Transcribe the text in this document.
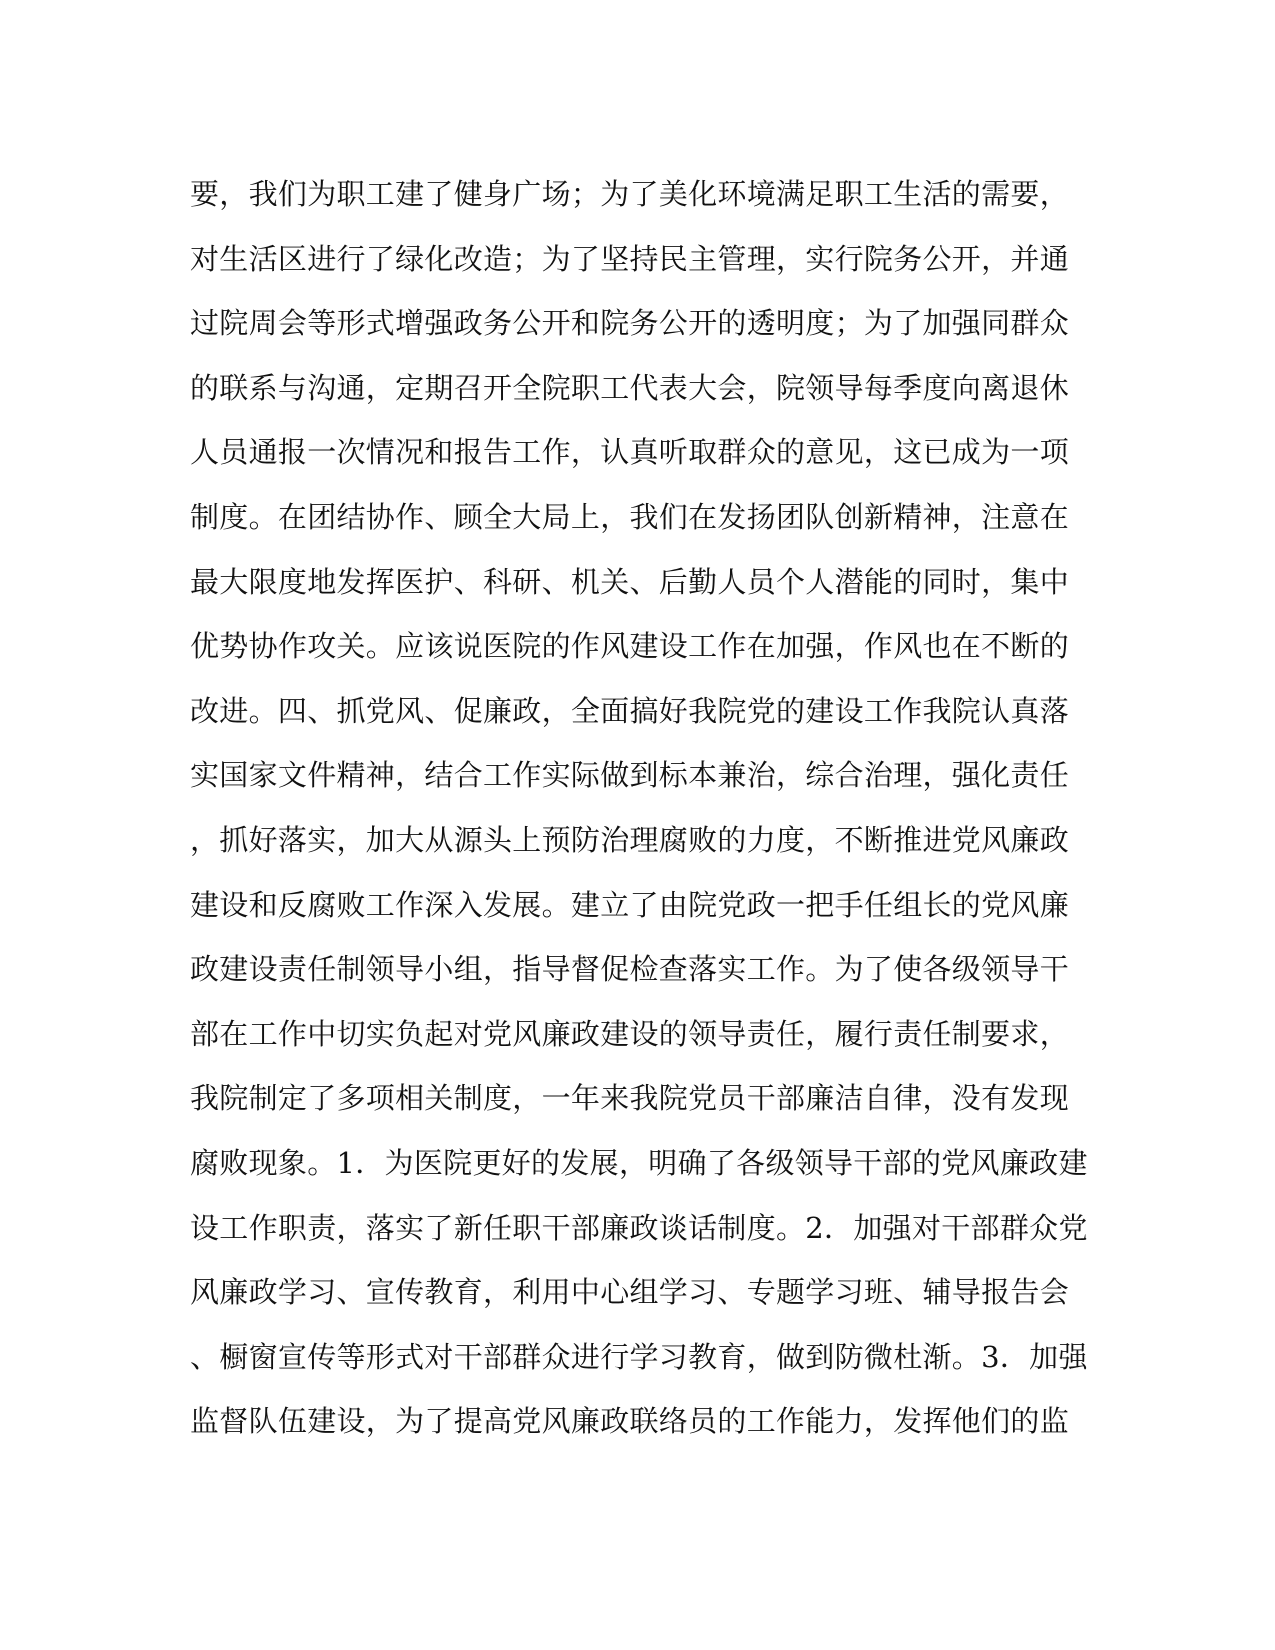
要，我们为职工建了健身广场；为了美化环境满足职工生活的需要，
对生活区进行了绿化改造；为了坚持民主管理，实行院务公开，并通
过院周会等形式增强政务公开和院务公开的透明度；为了加强同群众
的联系与沟通，定期召开全院职工代表大会，院领导每季度向离退休
人员通报一次情况和报告工作，认真听取群众的意见，这已成为一项
制度。在团结协作、顾全大局上，我们在发扬团队创新精神，注意在
最大限度地发挥医护、科研、机关、后勤人员个人潜能的同时，集中
优势协作攻关。应该说医院的作风建设工作在加强，作风也在不断的
改进。四、抓党风、促廉政，全面搞好我院党的建设工作我院认真落
实国家文件精神，结合工作实际做到标本兼治，综合治理，强化责任
，抓好落实，加大从源头上预防治理腐败的力度，不断推进党风廉政
建设和反腐败工作深入发展。建立了由院党政一把手任组长的党风廉
政建设责任制领导小组，指导督促检查落实工作。为了使各级领导干
部在工作中切实负起对党风廉政建设的领导责任，履行责任制要求，
我院制定了多项相关制度，一年来我院党员干部廉洁自律，没有发现
腐败现象。1．为医院更好的发展，明确了各级领导干部的党风廉政建
设工作职责，落实了新任职干部廉政谈话制度。2．加强对干部群众党
风廉政学习、宣传教育，利用中心组学习、专题学习班、辅导报告会
、橱窗宣传等形式对干部群众进行学习教育，做到防微杜渐。3．加强
监督队伍建设，为了提高党风廉政联络员的工作能力，发挥他们的监
